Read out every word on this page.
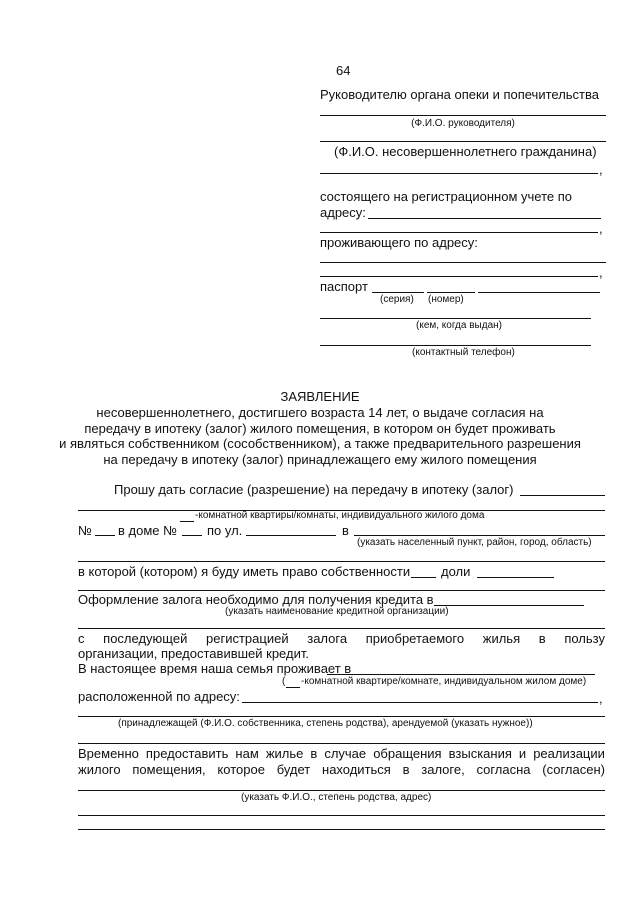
64
Руководителю органа опеки и попечительства
(Ф.И.О. руководителя)
(Ф.И.О. несовершеннолетнего гражданина)
,
состоящего на регистрационном учете по
адресу:
,
проживающего по адресу:
,
паспорт
(серия) (номер)
(кем, когда выдан)
(контактный телефон)
ЗАЯВЛЕНИЕ
несовершеннолетнего, достигшего возраста 14 лет, о выдаче согласия на
передачу в ипотеку (залог) жилого помещения, в котором он будет проживать
и являться собственником (сособственником), а также предварительного разрешения
на передачу в ипотеку (залог) принадлежащего ему жилого помещения
Прошу дать согласие (разрешение) на передачу в ипотеку (залог)
-комнатной квартиры/комнаты, индивидуального жилого дома
№ в доме № по ул.	в
(указать населенный пункт, район, город, область)
в которой (котором) я буду иметь право собственности доли
Оформление залога необходимо для получения кредита в
(указать наименование кредитной организации)
с последующей регистрацией залога приобретаемого жилья в пользу
организации, предоставившей кредит.
В настоящее время наша семья проживает в
( -комнатной квартире/комнате, индивидуальном жилом доме)
расположенной по адресу:	,
(принадлежащей (Ф.И.О. собственника, степень родства), арендуемой (указать нужное))
Временно предоставить нам жилье в случае обращения взыскания и реализации
жилого помещения, которое будет находиться в залоге, согласна (согласен)
(указать Ф.И.О., степень родства, адрес)
